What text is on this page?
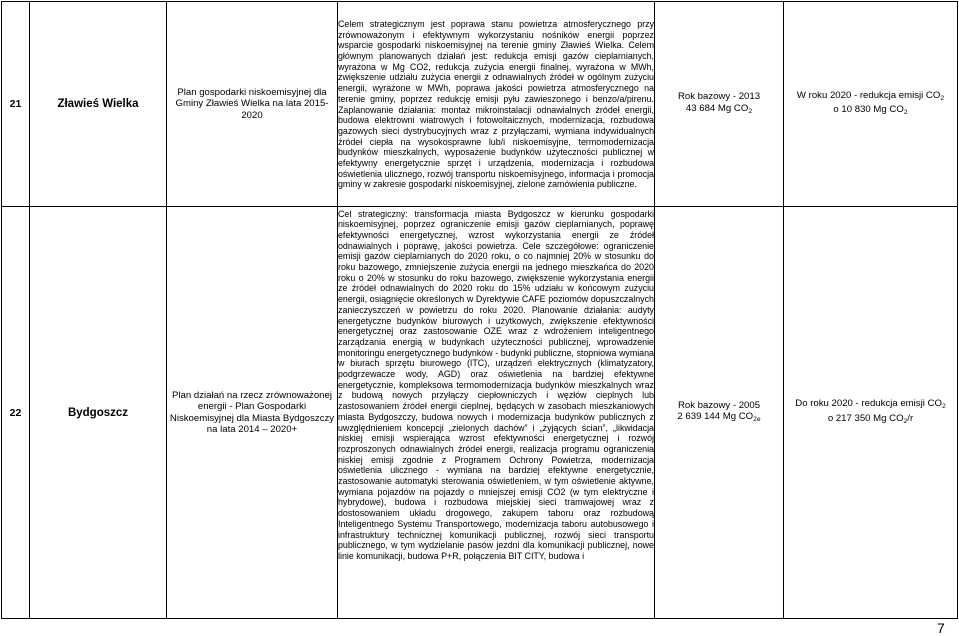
21	Zławieś Wielka	Plan gospodarki niskoemisyjnej dla Gminy Zławieś Wielka na lata 2015-2020	Celem strategicznym jest poprawa stanu powietrza atmosferycznego przy zrównoważonym i efektywnym wykorzystaniu nośników energii poprzez wsparcie gospodarki niskoemisyjnej na terenie gminy Zławieś Wielka. Celem głównym planowanych działań jest: redukcja emisji gazów cieplarnianych, wyrażona w Mg CO2, redukcja zużycia energii finalnej, wyrażona w MWh, zwiększenie udziału zużycia energii z odnawialnych źródeł w ogólnym zużyciu energii, wyrażone w MWh, poprawa jakości powietrza atmosferycznego na terenie gminy, poprzez redukcję emisji pyłu zawieszonego i benzo/a/pirenu. Zaplanowanie działania: montaż mikroinstalacji odnawialnych źródeł energii, budowa elektrowni wiatrowych i fotowoltaicznych, modernizacja, rozbudowa gazowych sieci dystrybucyjnych wraz z przyłączami, wymiana indywidualnych źródeł ciepła na wysokosprawne lub/i niskoemisyjne, termomodernizacja budynków mieszkalnych, wyposażenie budynków użyteczności publicznej w efektywny energetycznie sprzęt i urządzenia, modernizacja i rozbudowa oświetlenia ulicznego, rozwój transportu niskoemisyjnego, informacja i promocja gminy w zakresie gospodarki niskoemisyjnej, zielone zamówienia publiczne.	Rok bazowy - 2013
43 684 Mg $CO_2$	W roku 2020 - redukcja emisji $CO_2$
o 10 830 Mg $CO_2$
22	Bydgoszcz	Plan działań na rzecz zrównoważonej energii - Plan Gospodarki Niskoemisyjnej dla Miasta Bydgoszczy na lata 2014 – 2020+	Cel strategiczny: transformacja miasta Bydgoszcz w kierunku gospodarki niskoemisyjnej, poprzez ograniczenie emisji gazów cieplarnianych, poprawę efektywności energetycznej, wzrost wykorzystania energii ze źródeł odnawialnych i poprawę, jakości powietrza. Cele szczegółowe: ograniczenie emisji gazów cieplarnianych do 2020 roku, o co najmniej 20% w stosunku do roku bazowego, zmniejszenie zużycia energii na jednego mieszkańca do 2020 roku o 20% w stosunku do roku bazowego, zwiększenie wykorzystania energii ze źródeł odnawialnych do 2020 roku do 15% udziału w końcowym zużyciu energii, osiągnięcie określonych w Dyrektywie CAFE poziomów dopuszczalnych zanieczyszczeń w powietrzu do roku 2020. Planowanie działania: audyty energetyczne budynków biurowych i użytkowych, zwiększenie efektywności energetycznej oraz zastosowanie OZE wraz z wdrożeniem inteligentnego zarządzania energią w budynkach użyteczności publicznej, wprowadzenie monitoringu energetycznego budynków - budynki publiczne, stopniowa wymiana w biurach sprzętu biurowego (ITC), urządzeń elektrycznych (klimatyzatory, podgrzewacze wody, AGD) oraz oświetlenia na bardziej efektywne energetycznie, kompleksowa termomodernizacja budynków mieszkalnych wraz z budową nowych przyłączy ciepłowniczych i węzłów cieplnych lub zastosowaniem źródeł energii cieplnej, będących w zasobach mieszkaniowych miasta Bydgoszczy, budowa nowych i modernizacja budynków publicznych z uwzględnieniem koncepcji „zielonych dachów” i „żyjących ścian”, „likwidacja niskiej emisji wspierająca wzrost efektywności energetycznej i rozwój rozproszonych odnawialnych źródeł energii, realizacja programu ograniczenia niskiej emisji zgodnie z Programem Ochrony Powietrza, modernizacja oświetlenia ulicznego - wymiana na bardziej efektywne energetycznie, zastosowanie automatyki sterowania oświetleniem, w tym oświetlenie aktywne, wymiana pojazdów na pojazdy o mniejszej emisji CO2 (w tym elektryczne i hybrydowe), budowa i rozbudowa miejskiej sieci tramwajowej wraz z dostosowaniem układu drogowego, zakupem taboru oraz rozbudową Inteligentnego Systemu Transportowego, modernizacja taboru autobusowego i infrastruktury technicznej komunikacji publicznej, rozwój sieci transportu publicznego, w tym wydzielanie pasów jezdni dla komunikacji publicznej, nowe linie komunikacji, budowa P+R, połączenia BIT CITY, budowa i	Rok bazowy - 2005
2 639 144 Mg $CO_{2e}$	Do roku 2020 - redukcja emisji $CO_2$
o 217 350 Mg $CO_2/r$
7
